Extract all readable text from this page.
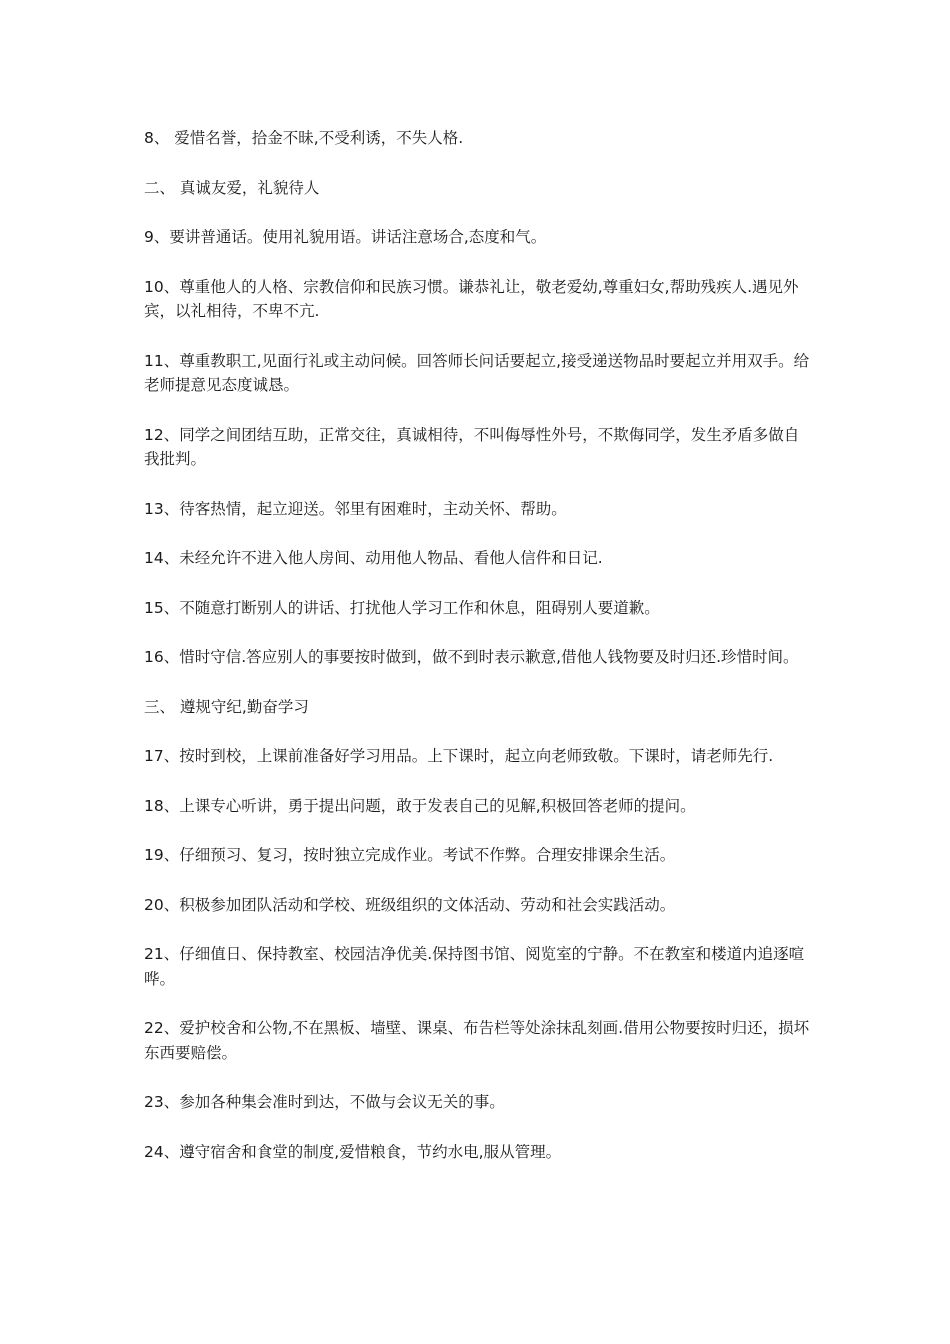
8、 爱惜名誉，拾金不昧,不受利诱，不失人格.

二、 真诚友爱，礼貌待人

9、要讲普通话。使用礼貌用语。讲话注意场合,态度和气。

10、尊重他人的人格、宗教信仰和民族习惯。谦恭礼让，敬老爱幼,尊重妇女,帮助残疾人.遇见外宾，以礼相待，不卑不亢.

11、尊重教职工,见面行礼或主动问候。回答师长问话要起立,接受递送物品时要起立并用双手。给老师提意见态度诚恳。

12、同学之间团结互助，正常交往，真诚相待，不叫侮辱性外号，不欺侮同学，发生矛盾多做自我批判。

13、待客热情，起立迎送。邻里有困难时，主动关怀、帮助。

14、未经允许不进入他人房间、动用他人物品、看他人信件和日记.

15、不随意打断别人的讲话、打扰他人学习工作和休息，阻碍别人要道歉。

16、惜时守信.答应别人的事要按时做到，做不到时表示歉意,借他人钱物要及时归还.珍惜时间。

三、 遵规守纪,勤奋学习

17、按时到校，上课前准备好学习用品。上下课时，起立向老师致敬。下课时，请老师先行.

18、上课专心听讲，勇于提出问题，敢于发表自己的见解,积极回答老师的提问。

19、仔细预习、复习，按时独立完成作业。考试不作弊。合理安排课余生活。

20、积极参加团队活动和学校、班级组织的文体活动、劳动和社会实践活动。

21、仔细值日、保持教室、校园洁净优美.保持图书馆、阅览室的宁静。不在教室和楼道内追逐喧哗。

22、爱护校舍和公物,不在黑板、墙壁、课桌、布告栏等处涂抹乱刻画.借用公物要按时归还，损坏东西要赔偿。

23、参加各种集会准时到达，不做与会议无关的事。

24、遵守宿舍和食堂的制度,爱惜粮食，节约水电,服从管理。
